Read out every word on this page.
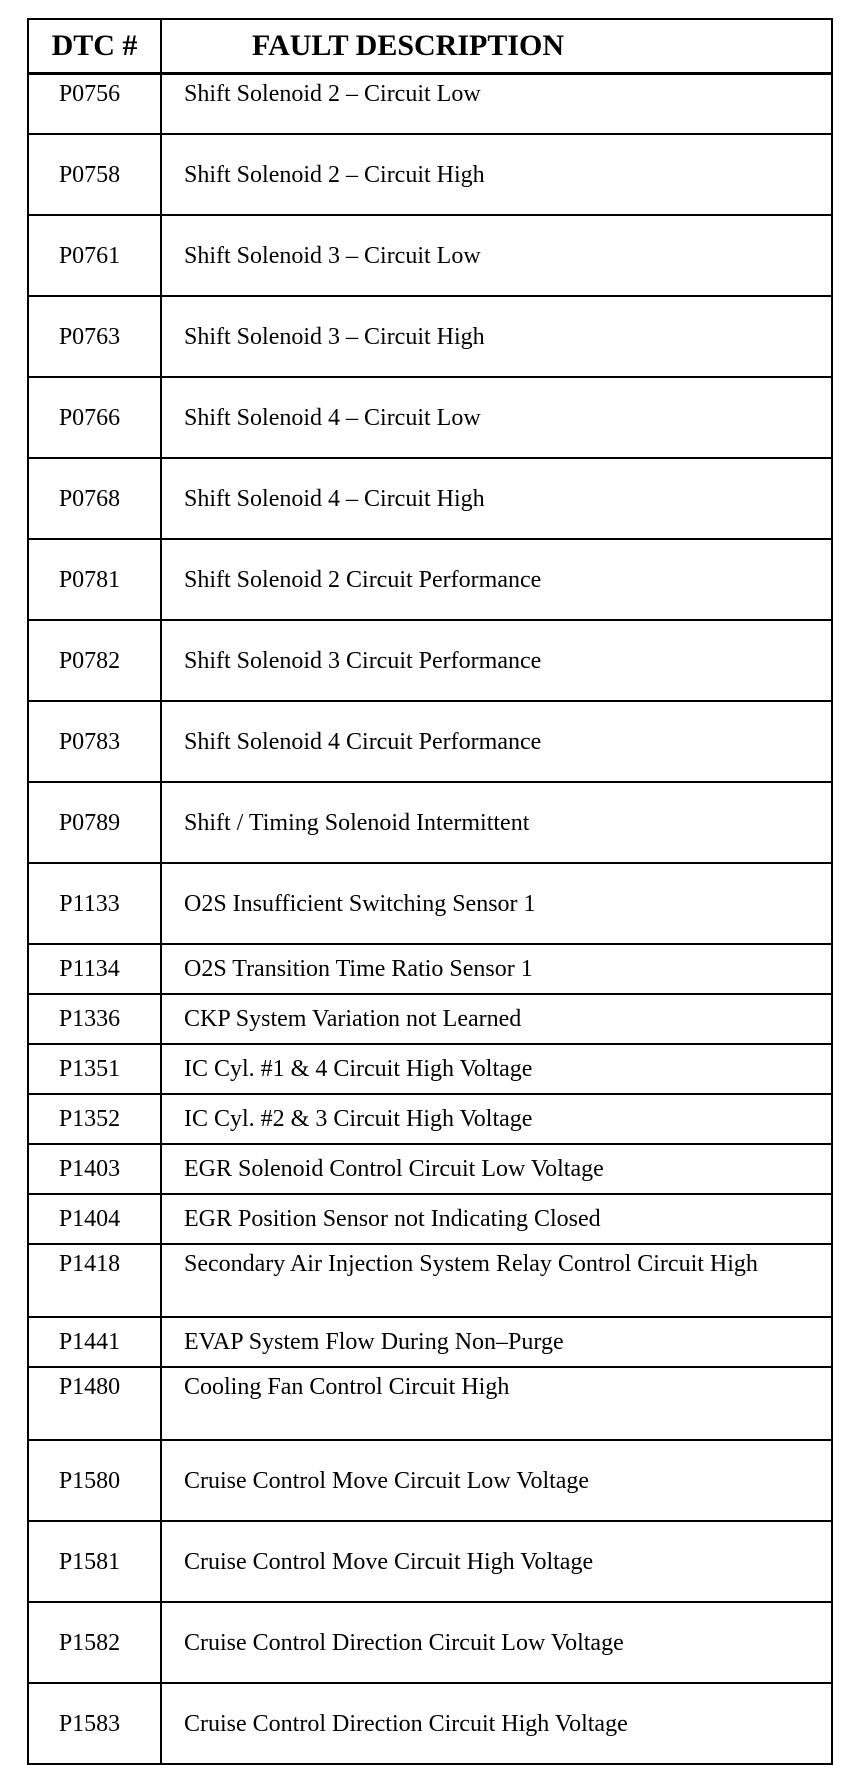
DTC #	FAULT DESCRIPTION
P0756	Shift Solenoid 2 – Circuit Low
P0758	Shift Solenoid 2 – Circuit High
P0761	Shift Solenoid 3 – Circuit Low
P0763	Shift Solenoid 3 – Circuit High
P0766	Shift Solenoid 4 – Circuit Low
P0768	Shift Solenoid 4 – Circuit High
P0781	Shift Solenoid 2 Circuit Performance
P0782	Shift Solenoid 3 Circuit Performance
P0783	Shift Solenoid 4 Circuit Performance
P0789	Shift / Timing Solenoid Intermittent
P1133	O2S Insufficient Switching Sensor 1
P1134	O2S Transition Time Ratio Sensor 1
P1336	CKP System Variation not Learned
P1351	IC Cyl. #1 & 4 Circuit High Voltage
P1352	IC Cyl. #2 & 3 Circuit High Voltage
P1403	EGR Solenoid Control Circuit Low Voltage
P1404	EGR Position Sensor not Indicating Closed
P1418	Secondary Air Injection System Relay Control Circuit High
P1441	EVAP System Flow During Non–Purge
P1480	Cooling Fan Control Circuit High
P1580	Cruise Control Move Circuit Low Voltage
P1581	Cruise Control Move Circuit High Voltage
P1582	Cruise Control Direction Circuit Low Voltage
P1583	Cruise Control Direction Circuit High Voltage
